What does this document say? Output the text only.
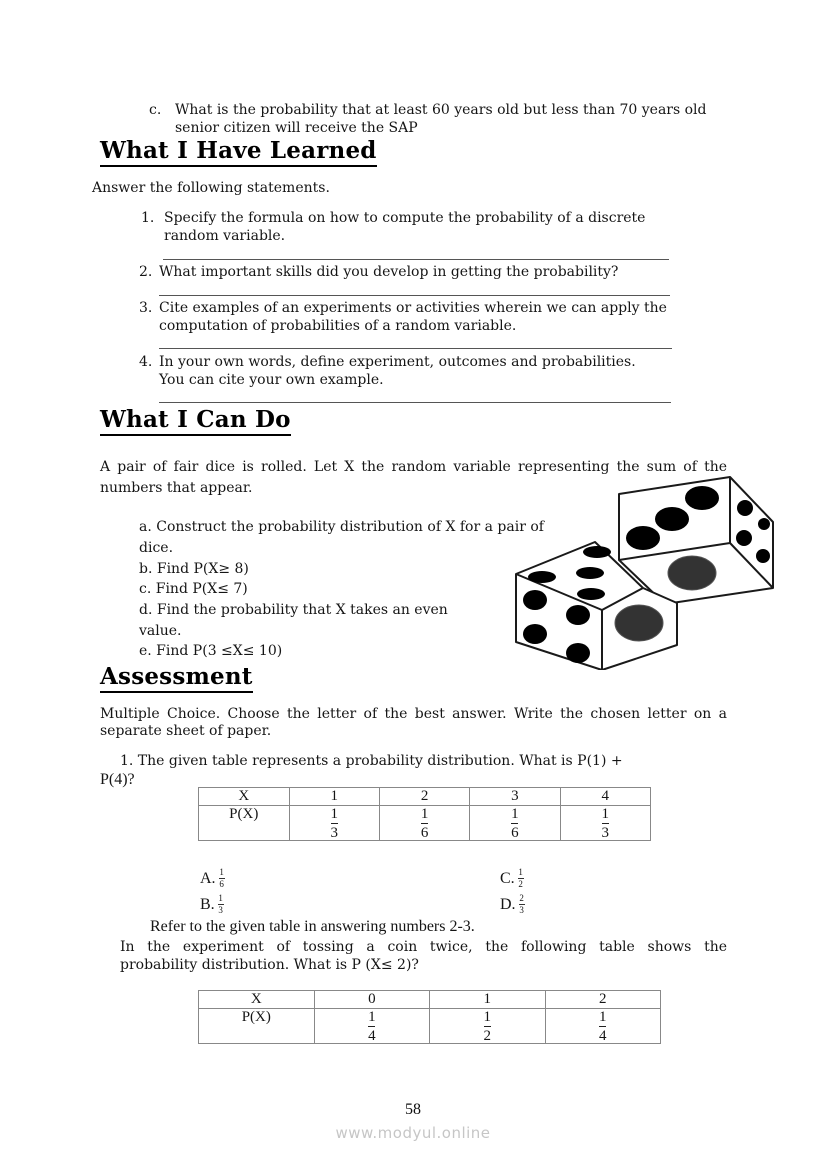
c. What is the probability that at least 60 years old but less than 70 years old
senior citizen will receive the SAP
What I Have Learned
Answer the following statements.
1. Specify the formula on how to compute the probability of a discrete
random variable.
2. What important skills did you develop in getting the probability?
3. Cite examples of an experiments or activities wherein we can apply the
computation of probabilities of a random variable.
4. In your own words, define experiment, outcomes and probabilities.
You can cite your own example.
What I Can Do
A pair of fair dice is rolled. Let X the random variable representing the sum of the
numbers that appear.
a. Construct the probability distribution of X for a pair of
dice.
b. Find P(X≥ 8)
c. Find P(X≤ 7)
d. Find the probability that X takes an even
value.
e. Find P(3 ≤X≤ 10)
Assessment
Multiple Choice. Choose the letter of the best answer. Write the chosen letter on a
separate sheet of paper.
1. The given table represents a probability distribution. What is P(1) +
P(4)?
X	1	2	3	4
P(X)	$\frac{1}{3}$	$\frac{1}{6}$	$\frac{1}{6}$	$\frac{1}{3}$
A. 1
6
B. 1
3
C. 1
2
D. 2
3
Refer to the given table in answering numbers 2-3.
In the experiment of tossing a coin twice, the following table shows the
probability distribution. What is P (X≤ 2)?
X	0	1	2
P(X)	$\frac{1}{4}$	$\frac{1}{2}$	$\frac{1}{4}$
58
www.modyul.online
